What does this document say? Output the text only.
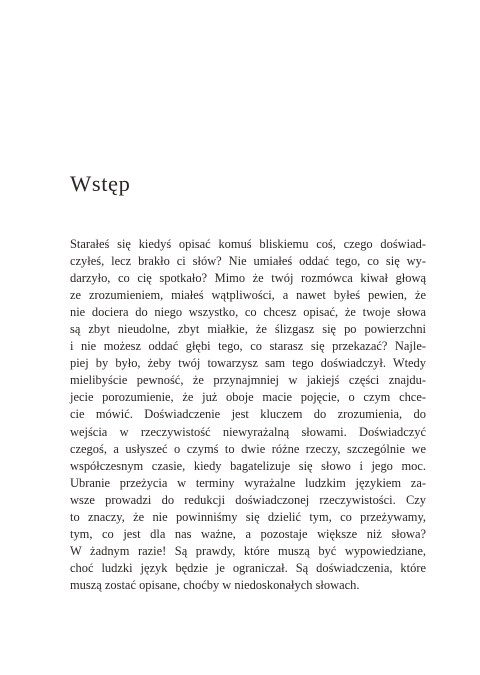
Wstęp
Starałeś się kiedyś opisać komuś bliskiemu coś, czego doświad-
czyłeś, lecz brakło ci słów? Nie umiałeś oddać tego, co się wy-
darzyło, co cię spotkało? Mimo że twój rozmówca kiwał głową
ze zrozumieniem, miałeś wątpliwości, a nawet byłeś pewien, że
nie dociera do niego wszystko, co chcesz opisać, że twoje słowa
są zbyt nieudolne, zbyt miałkie, że ślizgasz się po powierzchni
i nie możesz oddać głębi tego, co starasz się przekazać? Najle-
piej by było, żeby twój towarzysz sam tego doświadczył. Wtedy
mielibyście pewność, że przynajmniej w jakiejś części znajdu-
jecie porozumienie, że już oboje macie pojęcie, o czym chce-
cie mówić. Doświadczenie jest kluczem do zrozumienia, do
wejścia w rzeczywistość niewyrażalną słowami. Doświadczyć
czegoś, a usłyszeć o czymś to dwie różne rzeczy, szczególnie we
współczesnym czasie, kiedy bagatelizuje się słowo i jego moc.
Ubranie przeżycia w terminy wyrażalne ludzkim językiem za-
wsze prowadzi do redukcji doświadczonej rzeczywistości. Czy
to znaczy, że nie powinniśmy się dzielić tym, co przeżywamy,
tym, co jest dla nas ważne, a pozostaje większe niż słowa?
W żadnym razie! Są prawdy, które muszą być wypowiedziane,
choć ludzki język będzie je ograniczał. Są doświadczenia, które
muszą zostać opisane, choćby w niedoskonałych słowach.
